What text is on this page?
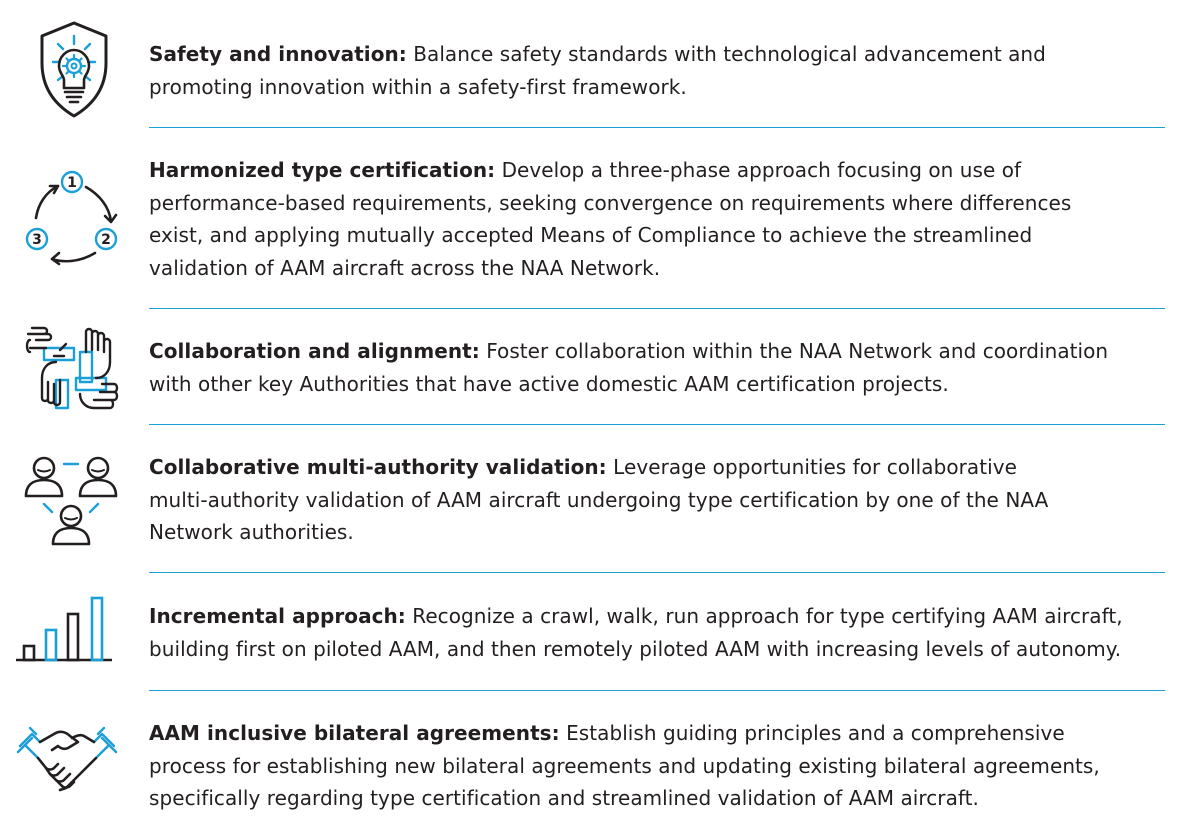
Safety and innovation: Balance safety standards with technological advancement and
promoting innovation within a safety-first framework.
1
2
3
Harmonized type certification: Develop a three-phase approach focusing on use of
performance-based requirements, seeking convergence on requirements where differences
exist, and applying mutually accepted Means of Compliance to achieve the streamlined
validation of AAM aircraft across the NAA Network.
Collaboration and alignment: Foster collaboration within the NAA Network and coordination
with other key Authorities that have active domestic AAM certification projects.
Collaborative multi-authority validation: Leverage opportunities for collaborative
multi-authority validation of AAM aircraft undergoing type certification by one of the NAA
Network authorities.
Incremental approach: Recognize a crawl, walk, run approach for type certifying AAM aircraft,
building first on piloted AAM, and then remotely piloted AAM with increasing levels of autonomy.
AAM inclusive bilateral agreements: Establish guiding principles and a comprehensive
process for establishing new bilateral agreements and updating existing bilateral agreements,
specifically regarding type certification and streamlined validation of AAM aircraft.
